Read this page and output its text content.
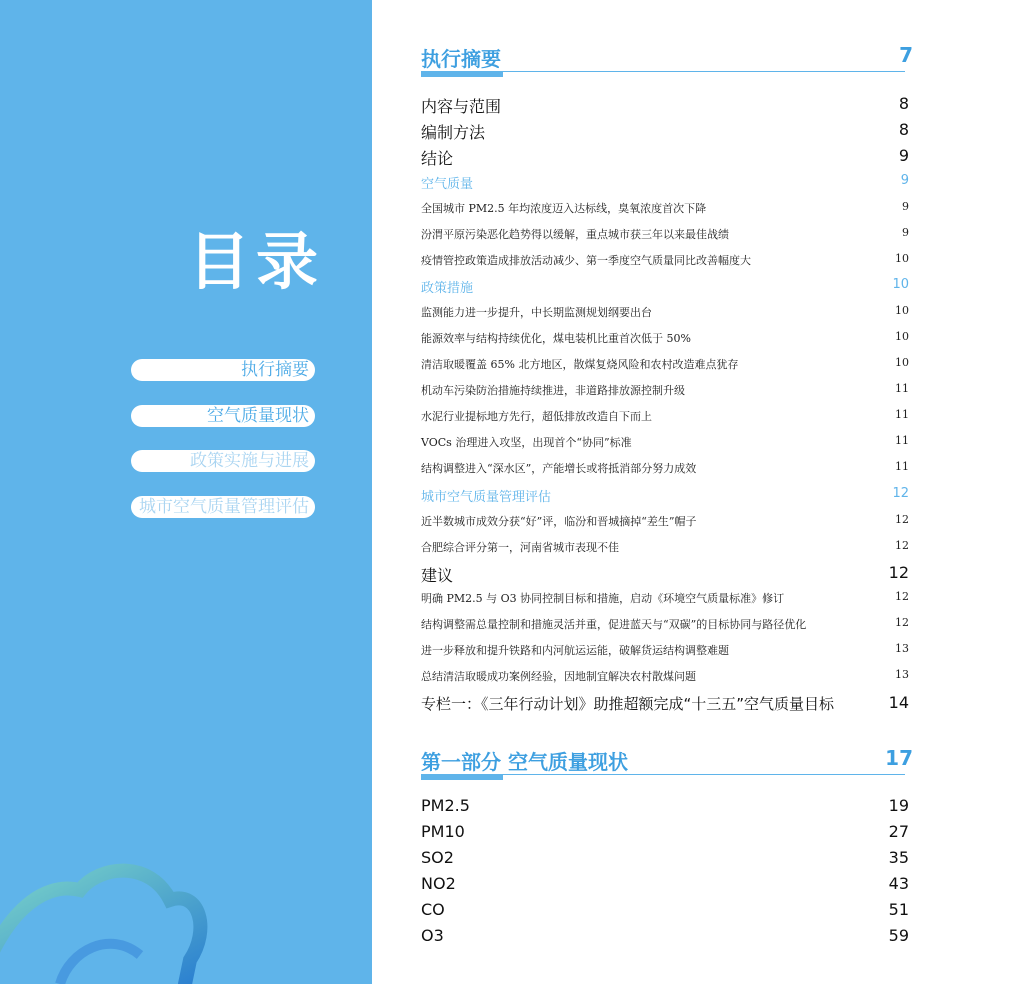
目录
执行摘要
空气质量现状
政策实施与进展
城市空气质量管理评估
执行摘要	7
内容与范围	8
编制方法	8
结论	9
空气质量	9
全国城市 PM2.5 年均浓度迈入达标线，臭氧浓度首次下降	9
汾渭平原污染恶化趋势得以缓解，重点城市获三年以来最佳战绩	9
疫情管控政策造成排放活动减少、第一季度空气质量同比改善幅度大	10
政策措施	10
监测能力进一步提升，中长期监测规划纲要出台	10
能源效率与结构持续优化，煤电装机比重首次低于 50%	10
清洁取暖覆盖 65% 北方地区，散煤复烧风险和农村改造难点犹存	10
机动车污染防治措施持续推进，非道路排放源控制升级	11
水泥行业提标地方先行，超低排放改造自下而上	11
VOCs 治理进入攻坚，出现首个“协同”标准	11
结构调整进入“深水区”，产能增长或将抵消部分努力成效	11
城市空气质量管理评估	12
近半数城市成效分获“好”评，临汾和晋城摘掉“差生”帽子	12
合肥综合评分第一，河南省城市表现不佳	12
建议	12
明确 PM2.5 与 O3 协同控制目标和措施，启动《环境空气质量标准》修订	12
结构调整需总量控制和措施灵活并重，促进蓝天与“双碳”的目标协同与路径优化	12
进一步释放和提升铁路和内河航运运能，破解货运结构调整难题	13
总结清洁取暖成功案例经验，因地制宜解决农村散煤问题	13
专栏一：《三年行动计划》助推超额完成“十三五”空气质量目标	14
第一部分 空气质量现状	17
PM2.5	19
PM10	27
SO2	35
NO2	43
CO	51
O3	59
